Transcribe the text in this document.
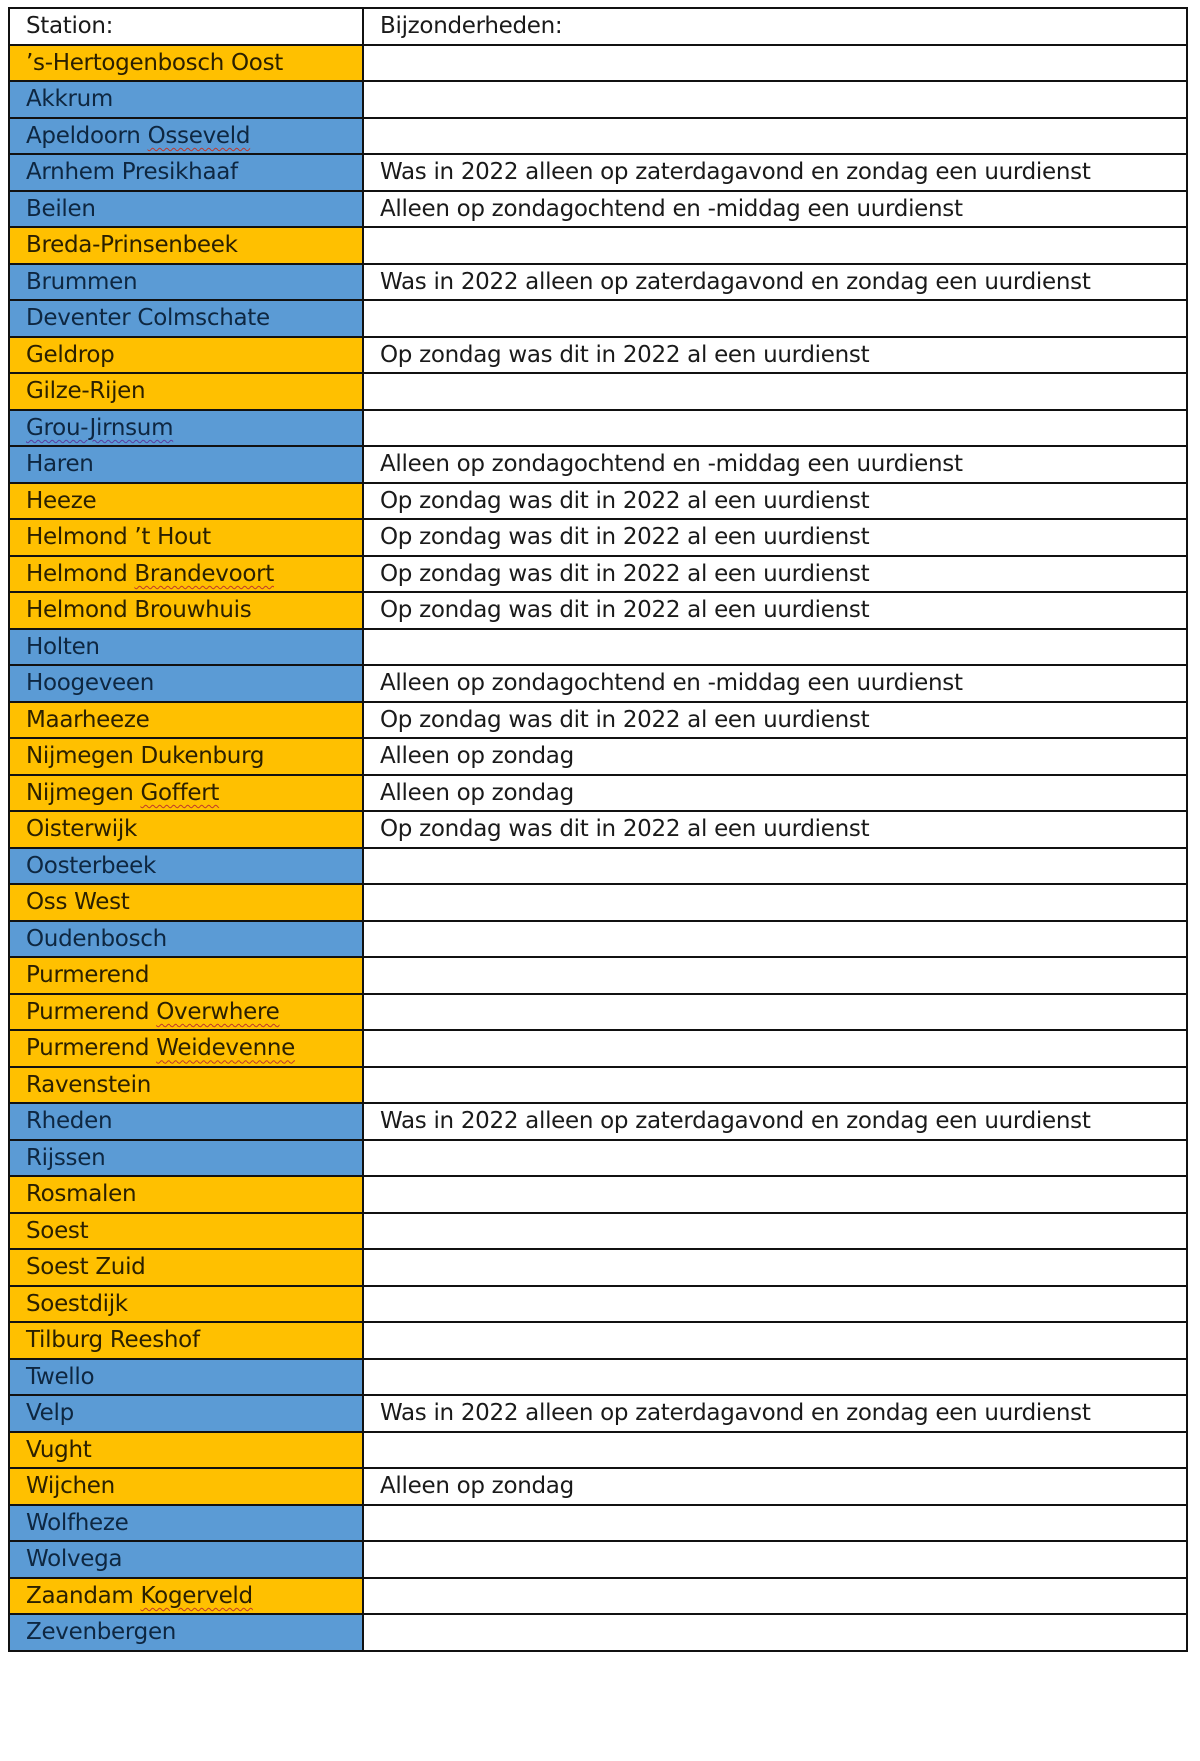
Station:	Bijzonderheden:
’s-Hertogenbosch Oost	
Akkrum	
Apeldoorn Osseveld	
Arnhem Presikhaaf	Was in 2022 alleen op zaterdagavond en zondag een uurdienst
Beilen	Alleen op zondagochtend en -middag een uurdienst
Breda-Prinsenbeek	
Brummen	Was in 2022 alleen op zaterdagavond en zondag een uurdienst
Deventer Colmschate	
Geldrop	Op zondag was dit in 2022 al een uurdienst
Gilze-Rijen	
Grou-Jirnsum	
Haren	Alleen op zondagochtend en -middag een uurdienst
Heeze	Op zondag was dit in 2022 al een uurdienst
Helmond ’t Hout	Op zondag was dit in 2022 al een uurdienst
Helmond Brandevoort	Op zondag was dit in 2022 al een uurdienst
Helmond Brouwhuis	Op zondag was dit in 2022 al een uurdienst
Holten	
Hoogeveen	Alleen op zondagochtend en -middag een uurdienst
Maarheeze	Op zondag was dit in 2022 al een uurdienst
Nijmegen Dukenburg	Alleen op zondag
Nijmegen Goffert	Alleen op zondag
Oisterwijk	Op zondag was dit in 2022 al een uurdienst
Oosterbeek	
Oss West	
Oudenbosch	
Purmerend	
Purmerend Overwhere	
Purmerend Weidevenne	
Ravenstein	
Rheden	Was in 2022 alleen op zaterdagavond en zondag een uurdienst
Rijssen	
Rosmalen	
Soest	
Soest Zuid	
Soestdijk	
Tilburg Reeshof	
Twello	
Velp	Was in 2022 alleen op zaterdagavond en zondag een uurdienst
Vught	
Wijchen	Alleen op zondag
Wolfheze	
Wolvega	
Zaandam Kogerveld	
Zevenbergen	
